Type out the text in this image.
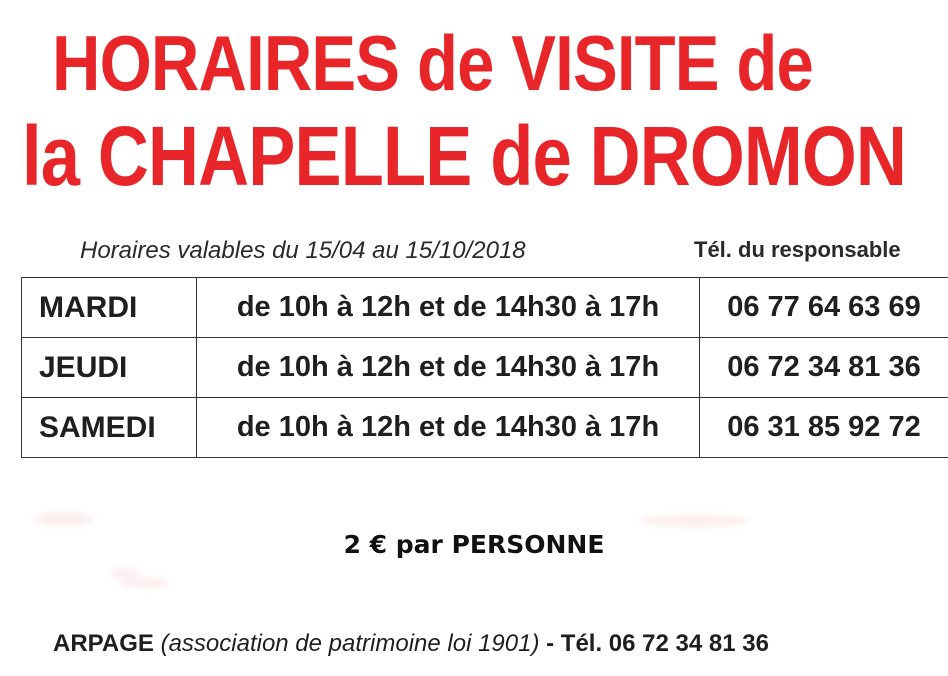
HORAIRES de VISITE de
la CHAPELLE de DROMON
Horaires valables du 15/04 au 15/10/2018	Tél. du responsable
MARDI	de 10h à 12h et de 14h30 à 17h	06 77 64 63 69
JEUDI	de 10h à 12h et de 14h30 à 17h	06 72 34 81 36
SAMEDI	de 10h à 12h et de 14h30 à 17h	06 31 85 92 72
2 € par PERSONNE
ARPAGE (association de patrimoine loi 1901) - Tél. 06 72 34 81 36
